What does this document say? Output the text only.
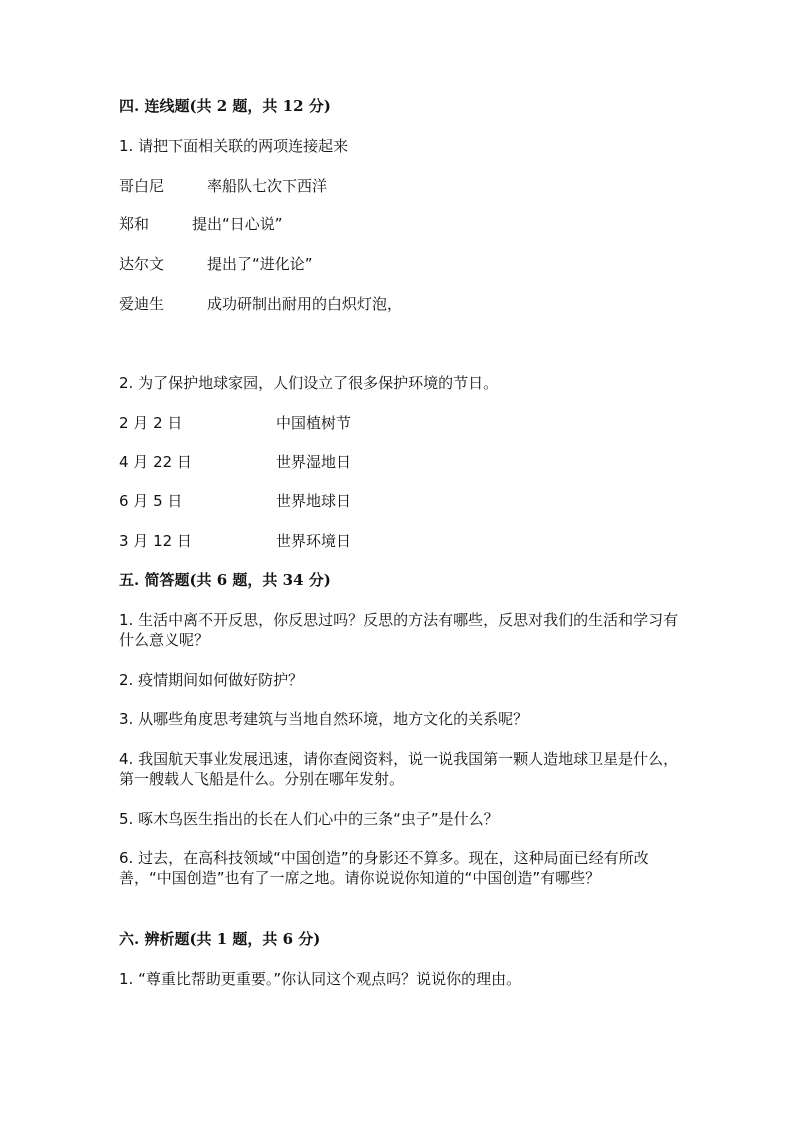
四. 连线题(共 2 题，共 12 分)
1. 请把下面相关联的两项连接起来
哥白尼	率船队七次下西洋
郑和	提出“日心说”
达尔文	提出了“进化论”
爱迪生	成功研制出耐用的白炽灯泡，
2. 为了保护地球家园，人们设立了很多保护环境的节日。
2 月 2 日	中国植树节
4 月 22 日	世界湿地日
6 月 5 日	世界地球日
3 月 12 日	世界环境日
五. 简答题(共 6 题，共 34 分)
1. 生活中离不开反思，你反思过吗？反思的方法有哪些，反思对我们的生活和学习有什么意义呢？
2. 疫情期间如何做好防护？
3. 从哪些角度思考建筑与当地自然环境，地方文化的关系呢？
4. 我国航天事业发展迅速，请你查阅资料，说一说我国第一颗人造地球卫星是什么，第一艘载人飞船是什么。分别在哪年发射。
5. 啄木鸟医生指出的长在人们心中的三条“虫子”是什么？
6. 过去，在高科技领域“中国创造”的身影还不算多。现在，这种局面已经有所改善，“中国创造”也有了一席之地。请你说说你知道的“中国创造”有哪些？
六. 辨析题(共 1 题，共 6 分)
1. “尊重比帮助更重要。”你认同这个观点吗？说说你的理由。
